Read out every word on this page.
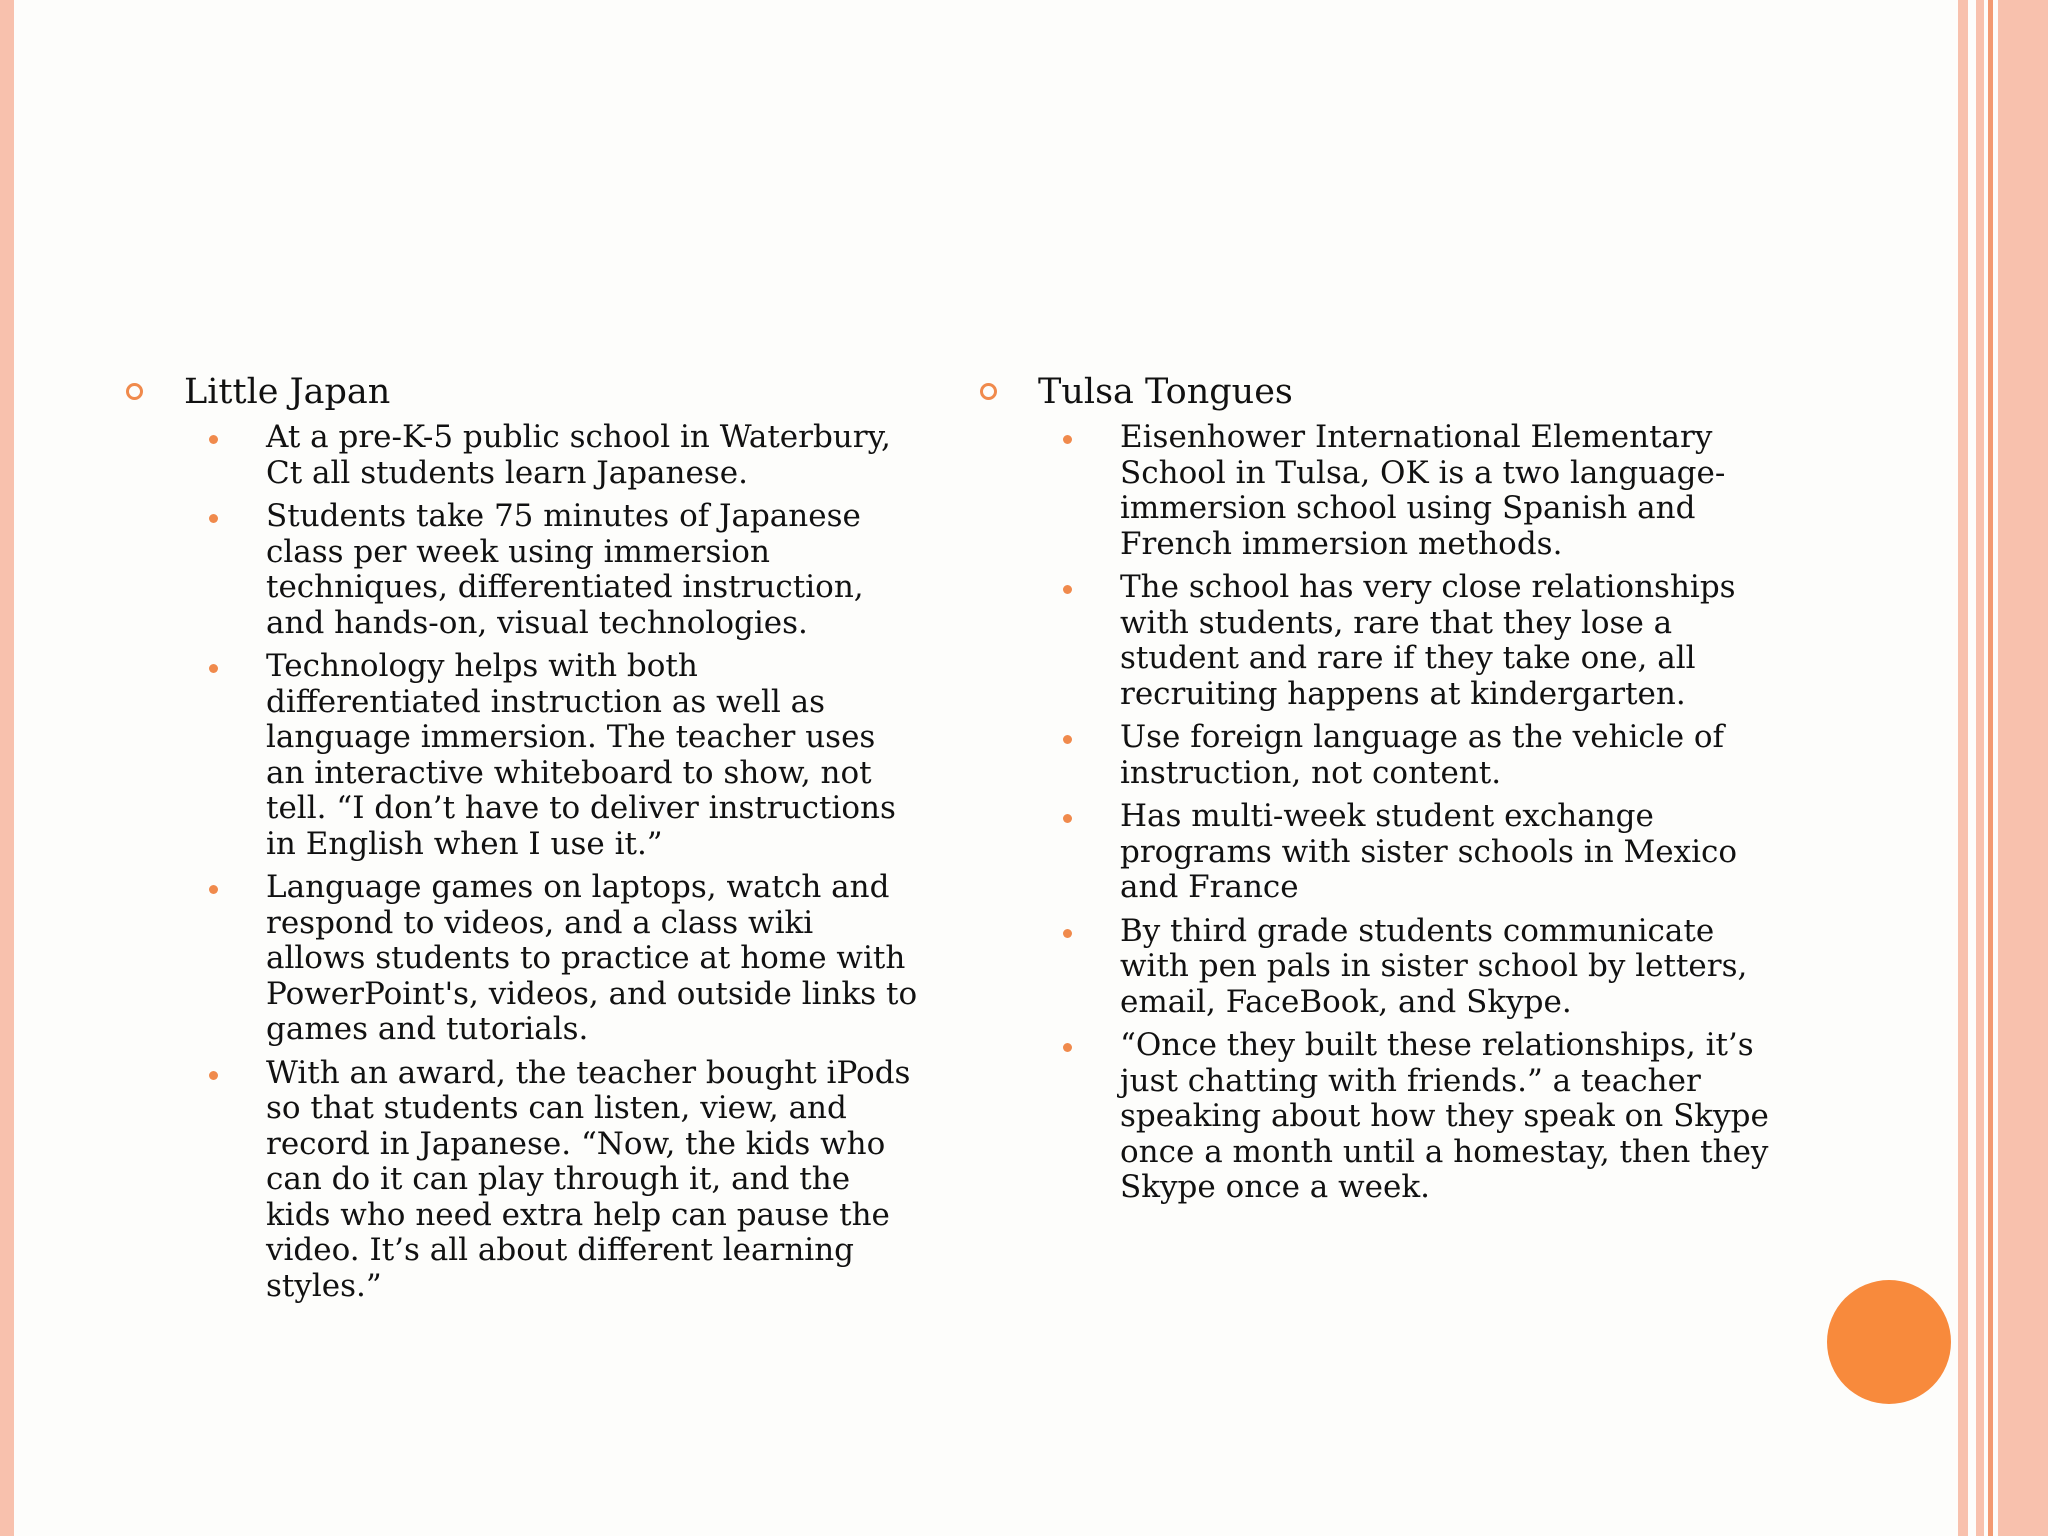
Little Japan
At a pre-K-5 public school in Waterbury, Ct all students learn Japanese.
Students take 75 minutes of Japanese class per week using immersion techniques, differentiated instruction, and hands-on, visual technologies.
Technology helps with both differentiated instruction as well as language immersion. The teacher uses an interactive whiteboard to show, not tell. “I don’t have to deliver instructions in English when I use it.”
Language games on laptops, watch and respond to videos, and a class wiki allows students to practice at home with PowerPoint's, videos, and outside links to games and tutorials.
With an award, the teacher bought iPods so that students can listen, view, and record in Japanese. “Now, the kids who can do it can play through it, and the kids who need extra help can pause the video. It’s all about different learning styles.”
Tulsa Tongues
Eisenhower International Elementary School in Tulsa, OK is a two language-immersion school using Spanish and French immersion methods.
The school has very close relationships with students, rare that they lose a student and rare if they take one, all recruiting happens at kindergarten.
Use foreign language as the vehicle of instruction, not content.
Has multi-week student exchange programs with sister schools in Mexico and France
By third grade students communicate with pen pals in sister school by letters, email, FaceBook, and Skype.
“Once they built these relationships, it’s just chatting with friends.” a teacher speaking about how they speak on Skype once a month until a homestay, then they Skype once a week.
